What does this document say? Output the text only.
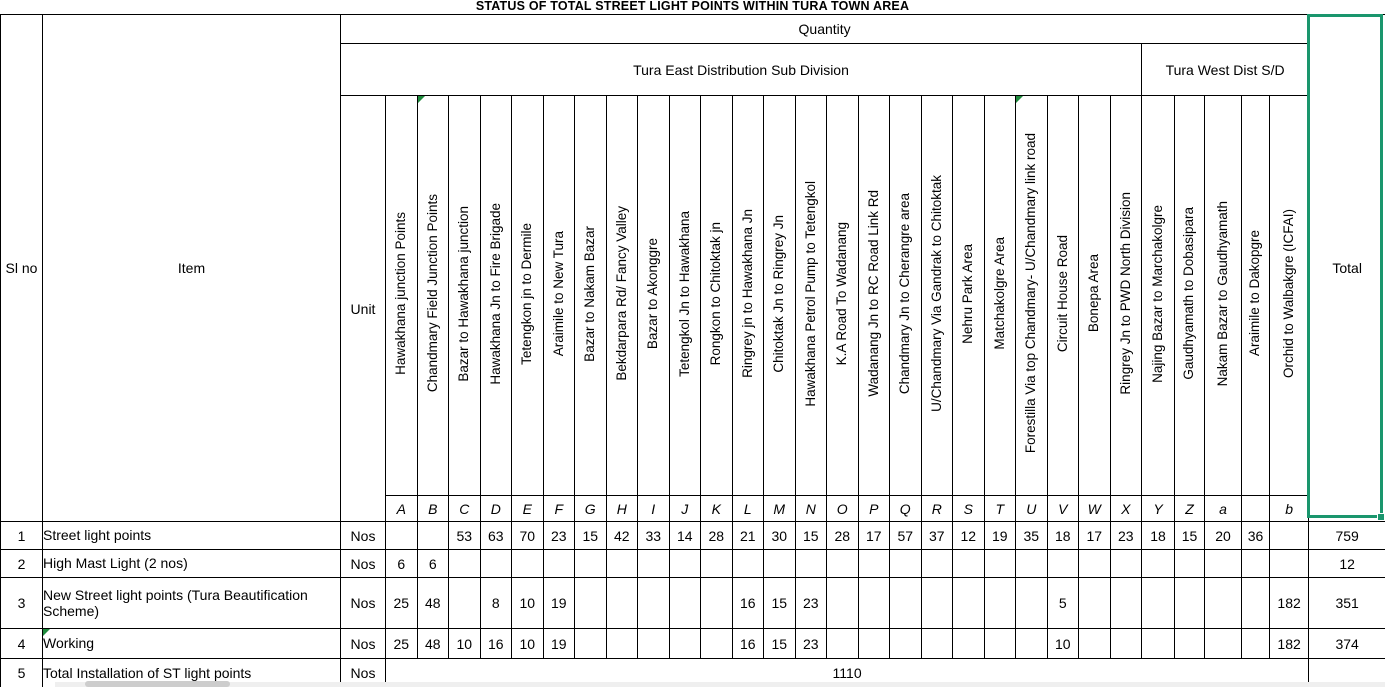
STATUS OF TOTAL STREET LIGHT POINTS WITHIN TURA TOWN AREA
Sl no	Item	Quantity																														Total
		Tura East Distribution Sub Division																									Tura West Dist S/D					
		Unit	Hawakhana junction Points	Chandmary Field Junction Points	Bazar to Hawakhana junction	Hawakhana Jn to Fire Brigade	Tetengkon jn to Dermile	Araimile to New Tura	Bazar to Nakam Bazar	Bekdarpara Rd/ Fancy Valley	Bazar to Akonggre	Tetengkol Jn to Hawakhana	Rongkon to Chitoktak jn	Ringrey jn to Hawakhana Jn	Chitoktak Jn to Ringrey Jn	Hawakhana Petrol Pump to Tetengkol	K.A Road To Wadanang	Wadanang Jn to RC Road Link Rd	Chandmary Jn to Cherangre area	U/Chandmary Via Gandrak to Chitoktak	Nehru Park Area	Matchakolgre Area	Forestilla Via top Chandmary- U/Chandmary link road	Circuit House Road	Bonepa Area	Ringrey Jn to PWD North Division	Najing Bazar to Marchakolgre	Gaudhyamath to Dobasipara	Nakam Bazar to Gaudhyamath	Araimile to Dakopgre	Orchid to Walbakgre (ICFAI)	
			A	B	C	D	E	F	G	H	I	J	K	L	M	N	O	P	Q	R	S	T	U	V	W	X	Y	Z	a		b	
1	Street light points	Nos			53	63	70	23	15	42	33	14	28	21	30	15	28	17	57	37	12	19	35	18	17	23	18	15	20	36		759
2	High Mast Light (2 nos)	Nos	6	6																												12
3	New Street light points (Tura Beautification Scheme)	Nos	25	48		8	10	19						16	15	23								5							182	351
4	Working	Nos	25	48	10	16	10	19						16	15	23								10							182	374
5	Total Installation of ST light points	Nos	1110																													
